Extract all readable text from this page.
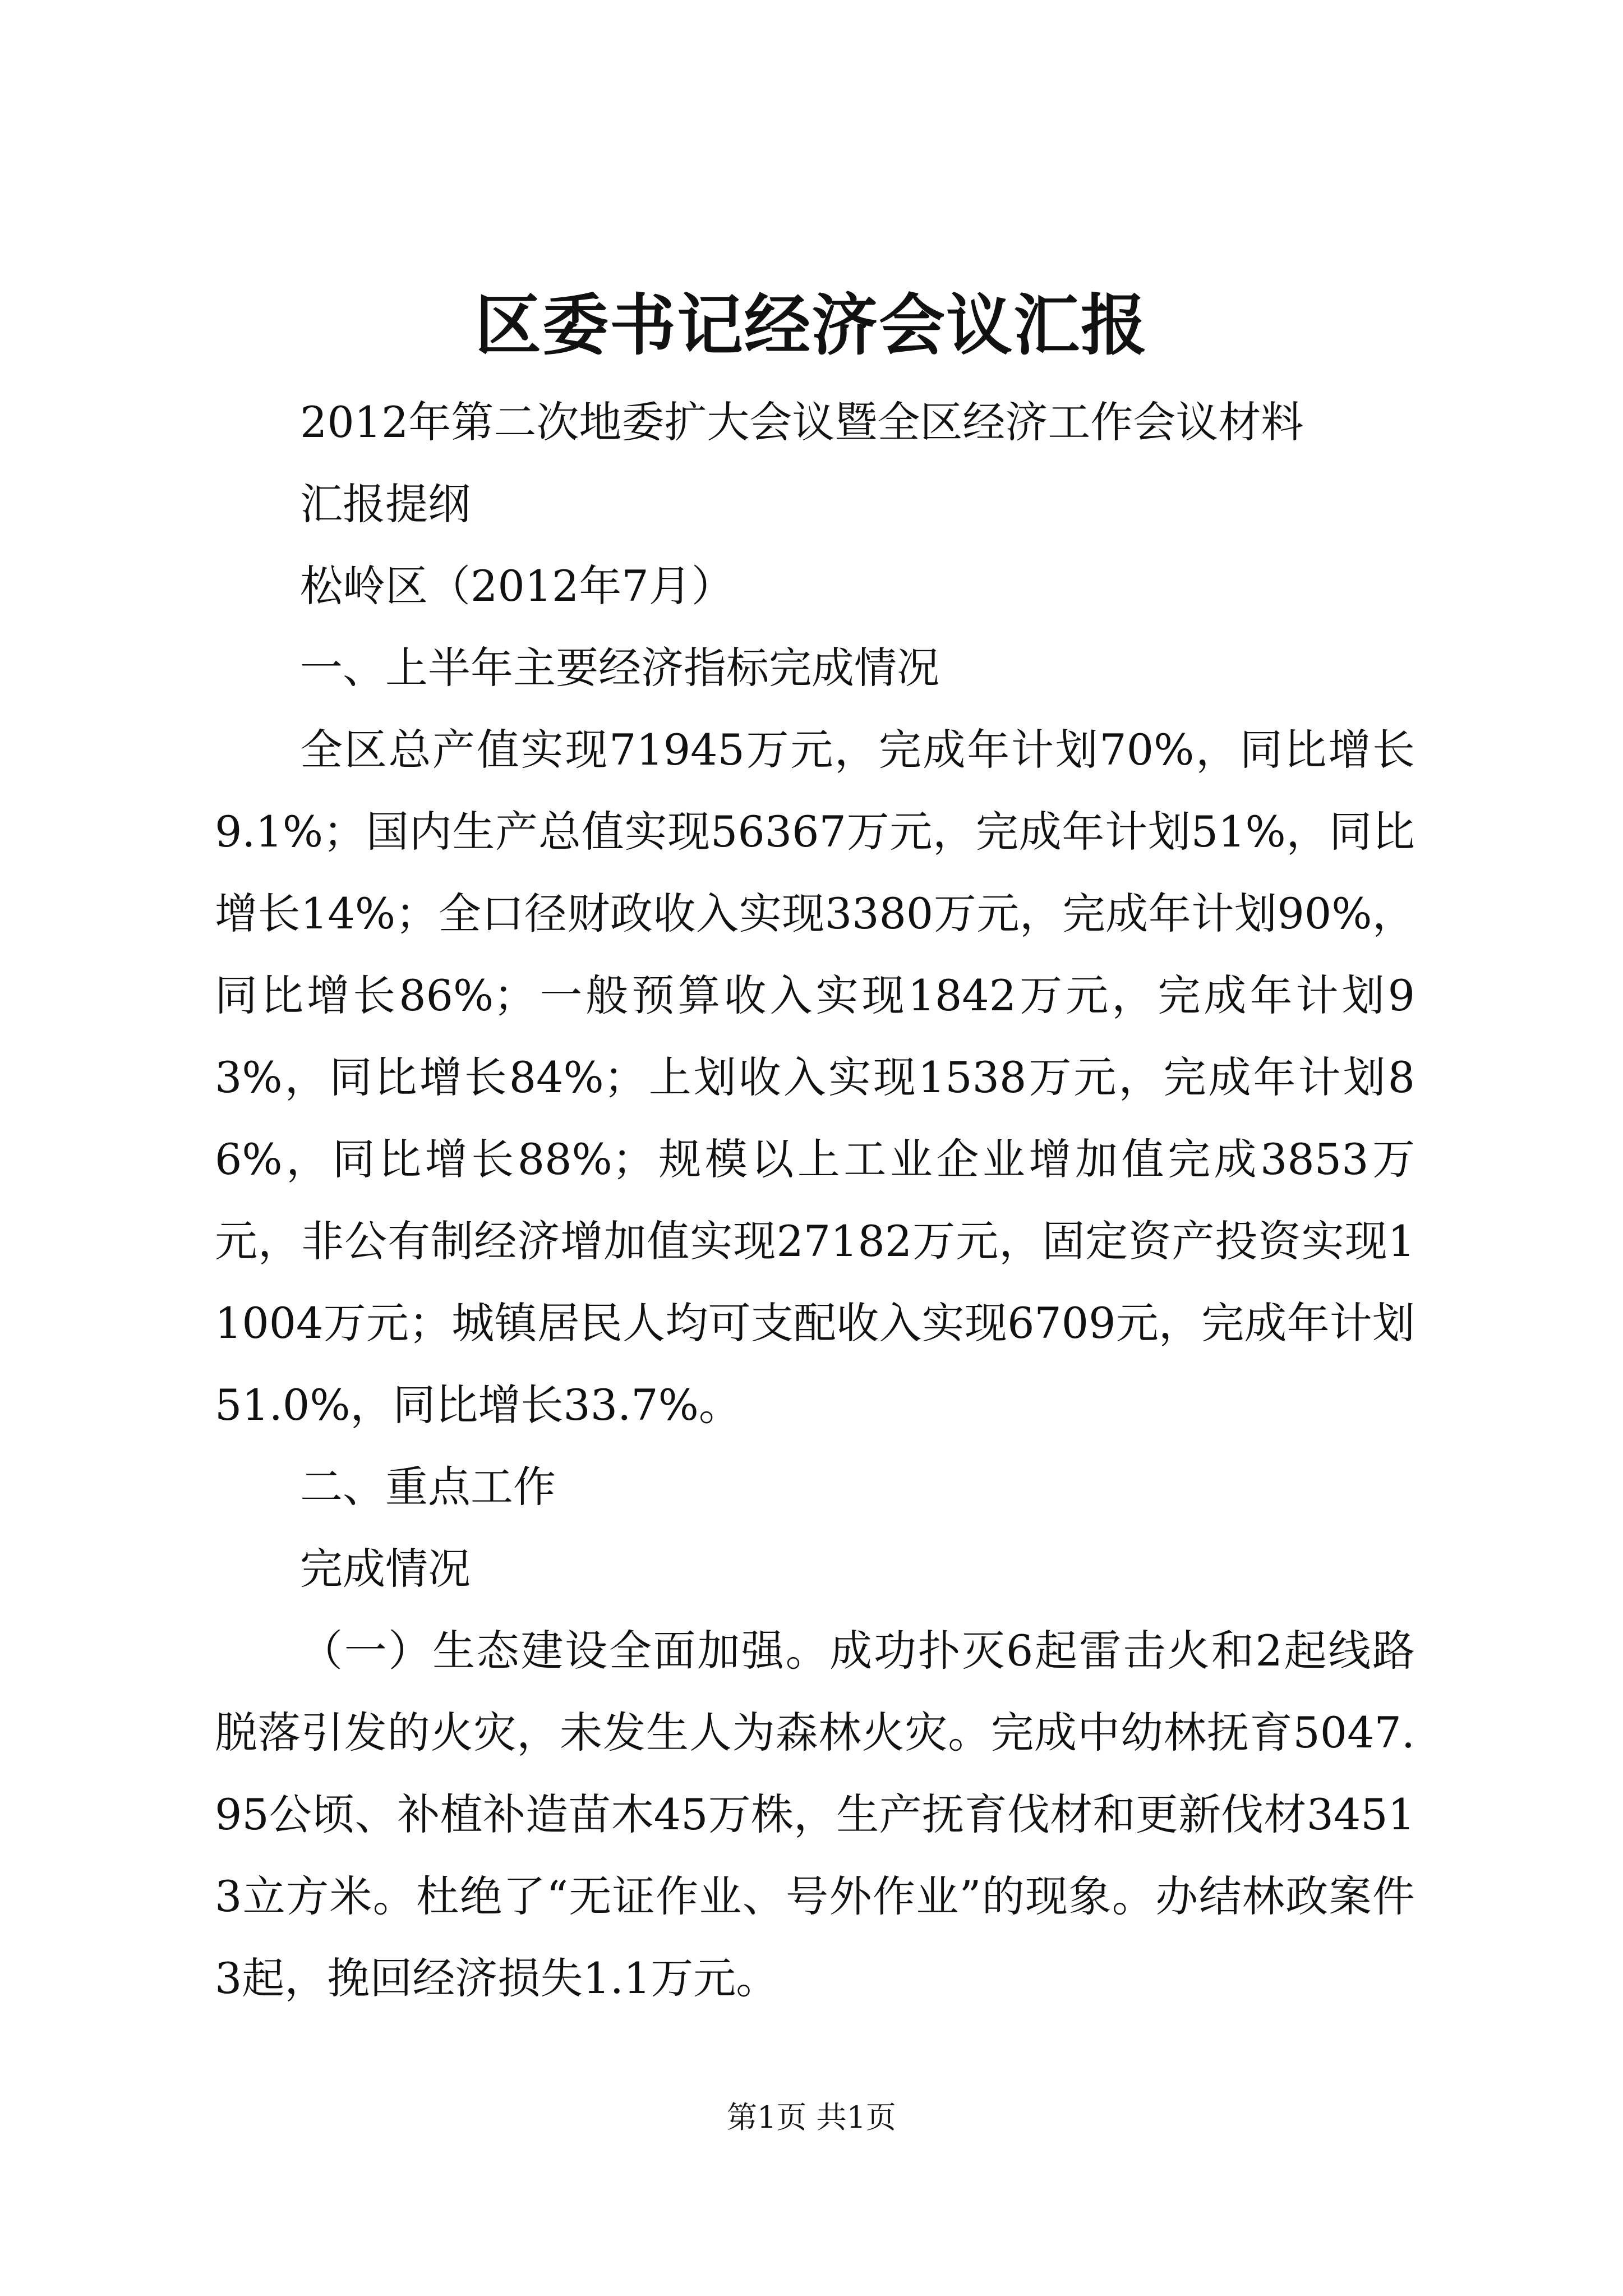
区委书记经济会议汇报
2012年第二次地委扩大会议暨全区经济工作会议材料
汇报提纲
松岭区（2012年7月）
一、上半年主要经济指标完成情况

全区总产值实现71945万元，完成年计划70%，同比增长9.1%；国内生产总值实现56367万元，完成年计划51%，同比增长14%；全口径财政收入实现3380万元，完成年计划90%，同比增长86%；一般预算收入实现1842万元，完成年计划93%，同比增长84%；上划收入实现1538万元，完成年计划86%，同比增长88%；规模以上工业企业增加值完成3853万元，非公有制经济增加值实现27182万元，固定资产投资实现11004万元；城镇居民人均可支配收入实现6709元，完成年计划51.0%，同比增长33.7%。

二、重点工作
完成情况

（一）生态建设全面加强。成功扑灭6起雷击火和2起线路脱落引发的火灾，未发生人为森林火灾。完成中幼林抚育5047.95公顷、补植补造苗木45万株，生产抚育伐材和更新伐材34513立方米。杜绝了“无证作业、号外作业”的现象。办结林政案件3起，挽回经济损失1.1万元。

第1页 共1页
